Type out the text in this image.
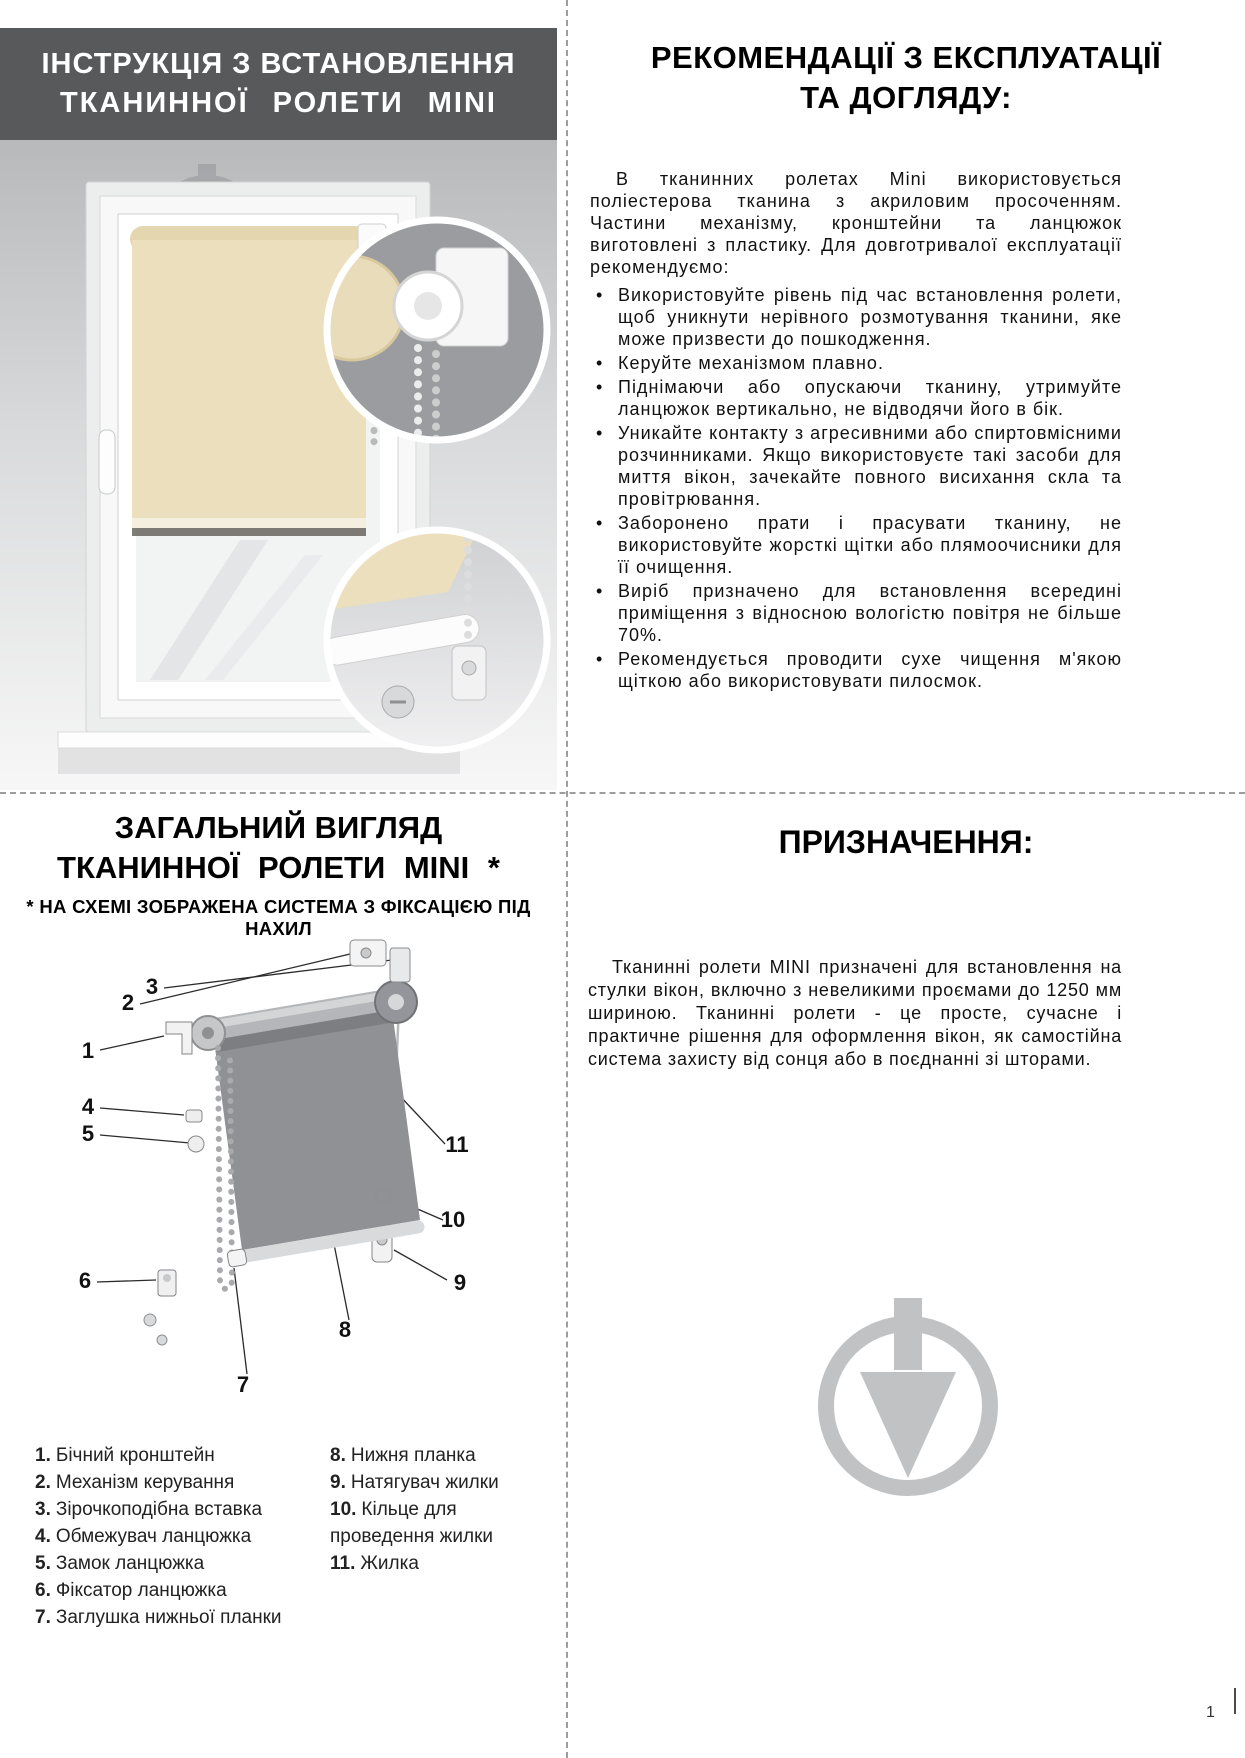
ІНСТРУКЦІЯ З ВСТАНОВЛЕННЯ
ТКАНИННОЇ РОЛЕТИ MINI
РЕКОМЕНДАЦІЇ З ЕКСПЛУАТАЦІЇ
ТА ДОГЛЯДУ:

В тканинних ролетах Mini використовується поліестерова тканина з акриловим просоченням. Частини механізму, кронштейни та ланцюжок виготовлені з пластику. Для довготривалої експлуатації рекомендуємо:

• Використовуйте рівень під час встановлення ролети, щоб уникнути нерівного розмотування тканини, яке може призвести до пошкодження.
• Керуйте механізмом плавно.
• Піднімаючи або опускаючи тканину, утримуйте ланцюжок вертикально, не відводячи його в бік.
• Уникайте контакту з агресивними або спиртовмісними розчинниками. Якщо використовуєте такі засоби для миття вікон, зачекайте повного висихання скла та провітрювання.
• Заборонено прати і прасувати тканину, не використовуйте жорсткі щітки або плямоочисники для її очищення.
• Виріб призначено для встановлення всередині приміщення з відносною вологістю повітря не більше 70%.
• Рекомендується проводити сухе чищення м'якою щіткою або використовувати пилосмок.
ЗАГАЛЬНИЙ ВИГЛЯД
ТКАНИННОЇ РОЛЕТИ MINI *
* НА СХЕМІ ЗОБРАЖЕНА СИСТЕМА З ФІКСАЦІЄЮ ПІД НАХИЛ
1
2
3
4
5
6
7
8
9
10
11
1. Бічний кронштейн
2. Механізм керування
3. Зірочкоподібна вставка
4. Обмежувач ланцюжка
5. Замок ланцюжка
6. Фіксатор ланцюжка
7. Заглушка нижньої планки
8. Нижня планка
9. Натягувач жилки
10. Кільце для проведення жилки
11. Жилка
ПРИЗНАЧЕННЯ:

Тканинні ролети MINI призначені для встановлення на стулки вікон, включно з невеликими проємами до 1250 мм шириною. Тканинні ролети - це просте, сучасне і практичне рішення для оформлення вікон, як самостійна система захисту від сонця або в поєднанні зі шторами.

1
